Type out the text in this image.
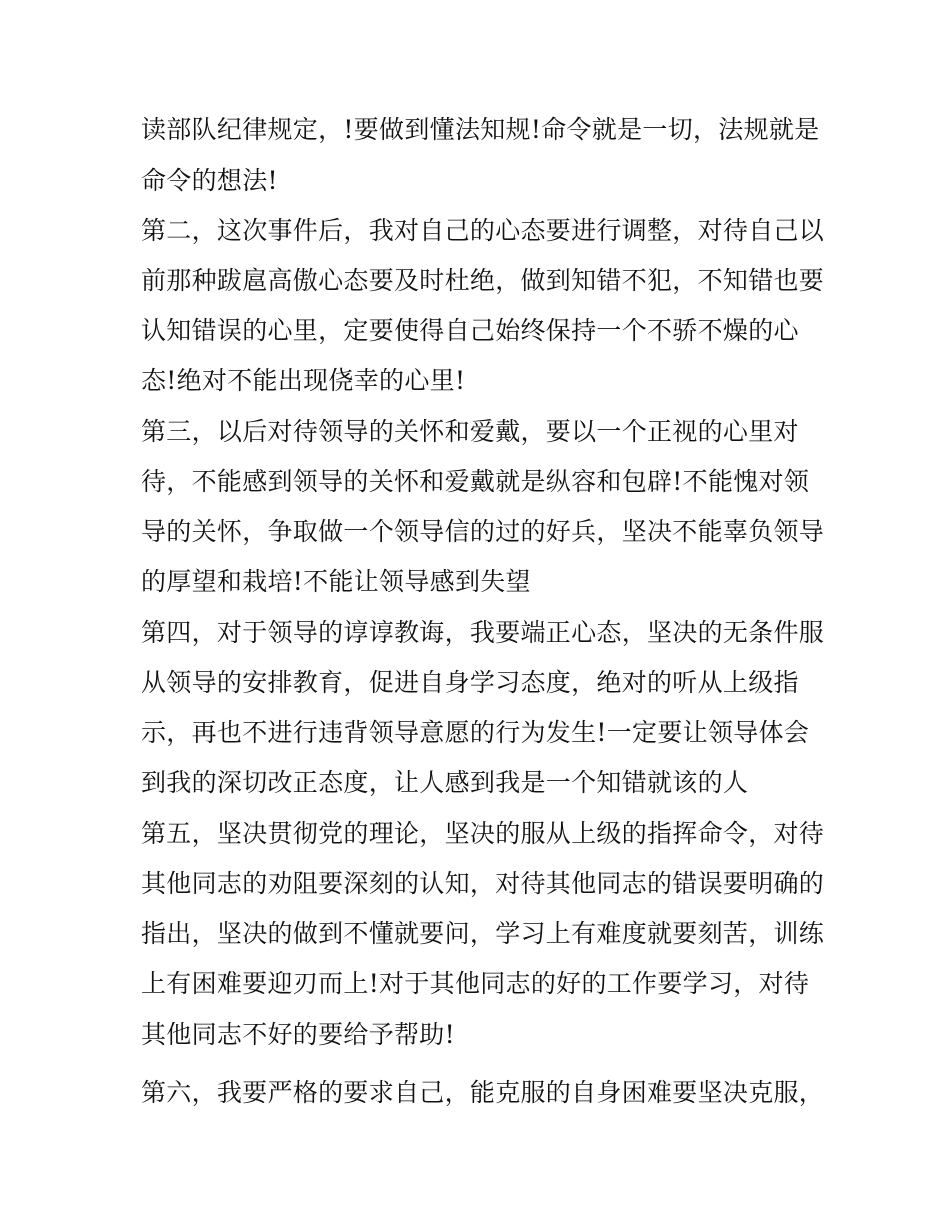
读部队纪律规定，!要做到懂法知规!命令就是一切，法规就是

命令的想法!

第二，这次事件后，我对自己的心态要进行调整，对待自己以

前那种跋扈高傲心态要及时杜绝，做到知错不犯，不知错也要

认知错误的心里，定要使得自己始终保持一个不骄不燥的心

态!绝对不能出现侥幸的心里!

第三，以后对待领导的关怀和爱戴，要以一个正视的心里对

待，不能感到领导的关怀和爱戴就是纵容和包辟!不能愧对领

导的关怀，争取做一个领导信的过的好兵，坚决不能辜负领导

的厚望和栽培!不能让领导感到失望

第四，对于领导的谆谆教诲，我要端正心态，坚决的无条件服

从领导的安排教育，促进自身学习态度，绝对的听从上级指

示，再也不进行违背领导意愿的行为发生!一定要让领导体会

到我的深切改正态度，让人感到我是一个知错就该的人

第五，坚决贯彻党的理论，坚决的服从上级的指挥命令，对待

其他同志的劝阻要深刻的认知，对待其他同志的错误要明确的

指出，坚决的做到不懂就要问，学习上有难度就要刻苦，训练

上有困难要迎刃而上!对于其他同志的好的工作要学习，对待

其他同志不好的要给予帮助!

第六，我要严格的要求自己，能克服的自身困难要坚决克服，
